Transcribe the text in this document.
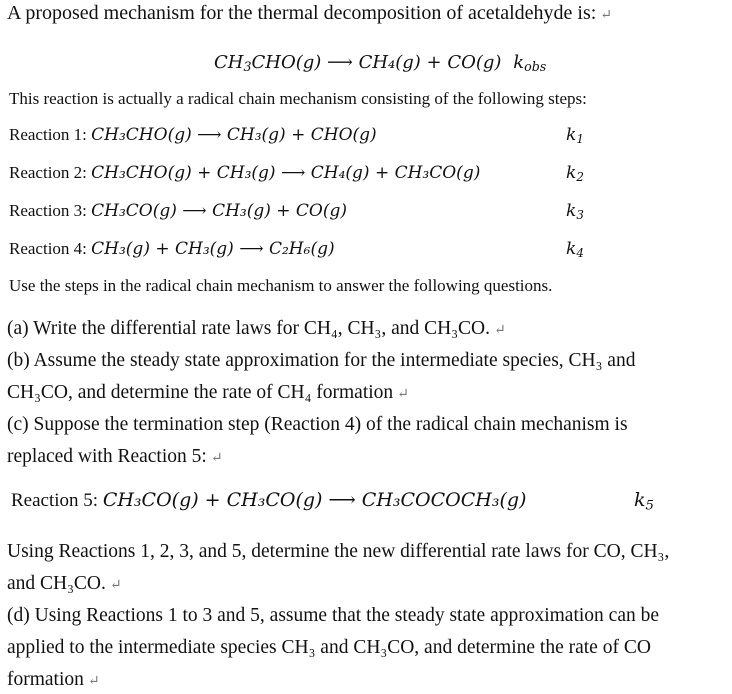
A proposed mechanism for the thermal decomposition of acetaldehyde is: ↵
$CH_3CHO(g)$ ⟶ CH₄(g) + CO(g) $k_{obs}$
This reaction is actually a radical chain mechanism consisting of the following steps:
Reaction 1: CH₃CHO(g) ⟶ CH₃(g) + CHO(g)	$k_1$
Reaction 2: CH₃CHO(g) + CH₃(g) ⟶ CH₄(g) + CH₃CO(g)	$k_2$
Reaction 3: CH₃CO(g) ⟶ CH₃(g) + CO(g)	$k_3$
Reaction 4: CH₃(g) + CH₃(g) ⟶ C₂H₆(g)	$k_4$
Use the steps in the radical chain mechanism to answer the following questions.
(a) Write the differential rate laws for CH₄, CH₃, and CH₃CO. ↵
(b) Assume the steady state approximation for the intermediate species, CH₃ and
CH₃CO, and determine the rate of CH₄ formation ↵
(c) Suppose the termination step (Reaction 4) of the radical chain mechanism is
replaced with Reaction 5: ↵
Reaction 5: CH₃CO(g) + CH₃CO(g) ⟶ CH₃COCOCH₃(g)	$k_5$
Using Reactions 1, 2, 3, and 5, determine the new differential rate laws for CO, CH₃,
and CH₃CO. ↵
(d) Using Reactions 1 to 3 and 5, assume that the steady state approximation can be
applied to the intermediate species CH₃ and CH₃CO, and determine the rate of CO
formation ↵
